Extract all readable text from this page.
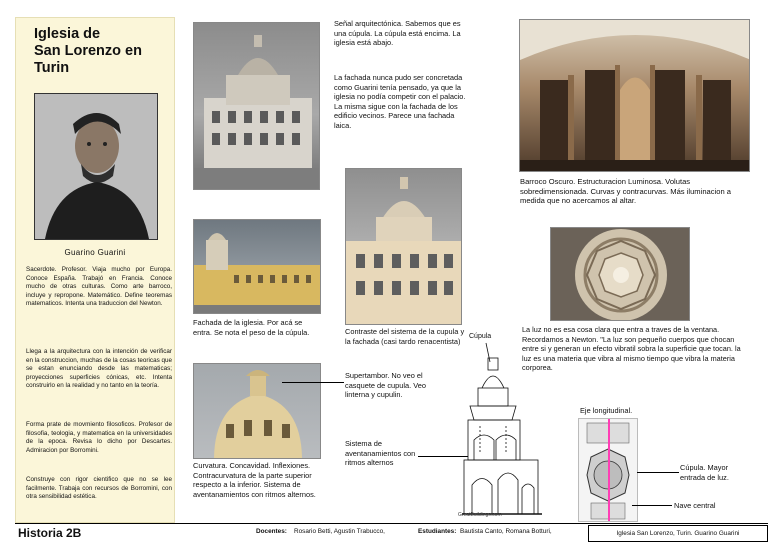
Iglesia de
San Lorenzo en
Turin
Guarino Guarini
Sacerdote. Profesor. Viaja mucho por Europa. Conoce España. Trabajó en Francia. Conoce mucho de otras culturas. Como arte barroco, incluye y repropone. Matemático. Define teoremas matematicos. Intenta una traduccion del Newton.
Llega a la arquitectura con la intención de verificar en la construccion, muchas de la cosas teoricas que se estan enunciando desde las matematicas; proyecciones superficies cónicas, etc. Intenta construirlo en la realidad y no tanto en la teoría.
Forma prate de movmiento filosoficos. Profesor de filosofia, teologia, y matematica en la universidades de la epoca. Revisa lo dicho por Descartes. Admiracion por Borromini.
Construye con rigor cientifico que no se lee facilmente. Trabaja con recursos de Borromini, con otra sensibilidad estética.
Señal arquitectónica. Sabemos que es una cúpula. La cúpula está encima. La iglesia está abajo.
La fachada nunca pudo ser concretada como Guarini tenía pensado, ya que la iglesia no podía competir con el palacio. La misma sigue con la fachada de los edificio vecinos. Parece una fachada laica.
Barroco Oscuro. Estructuracion Luminosa. Volutas sobredimensionada. Curvas y contracurvas. Más iluminacion a medida que no acercamos al altar.
Fachada de la iglesia. Por acá se entra. Se nota el peso de la cúpula.	Contraste del sistema de la cupula y la fachada (casi tardo renacentista)
La luz no es esa cosa clara que entra a traves de la ventana. Recordamos a Newton. "La luz son pequeño cuerpos que chocan entre si y generan un efecto vibratil sobra la superficie que tocan. la luz es una materia que vibra al mismo tiempo que vibra la materia corporea.
Curvatura. Concavidad. Inflexiones. Contracurvatura de la parte superior respecto a la inferior. Sistema de aventanamientos con ritmos alternos.
Supertambor. No veo el casquete de cupula. Veo linterna y cupulin.
Sistema de aventanamientos con ritmos alternos
Cúpula
GreatBuildings.com
Eje longitudinal.
Cúpula. Mayor entrada de luz.
Nave central
Historia 2B	Docentes: Rosario Betti, Agustin Trabucco,	Estudiantes: Bautista Canto, Romana Botturi,	Iglesia San Lorenzo, Turin. Guarino Guarini
